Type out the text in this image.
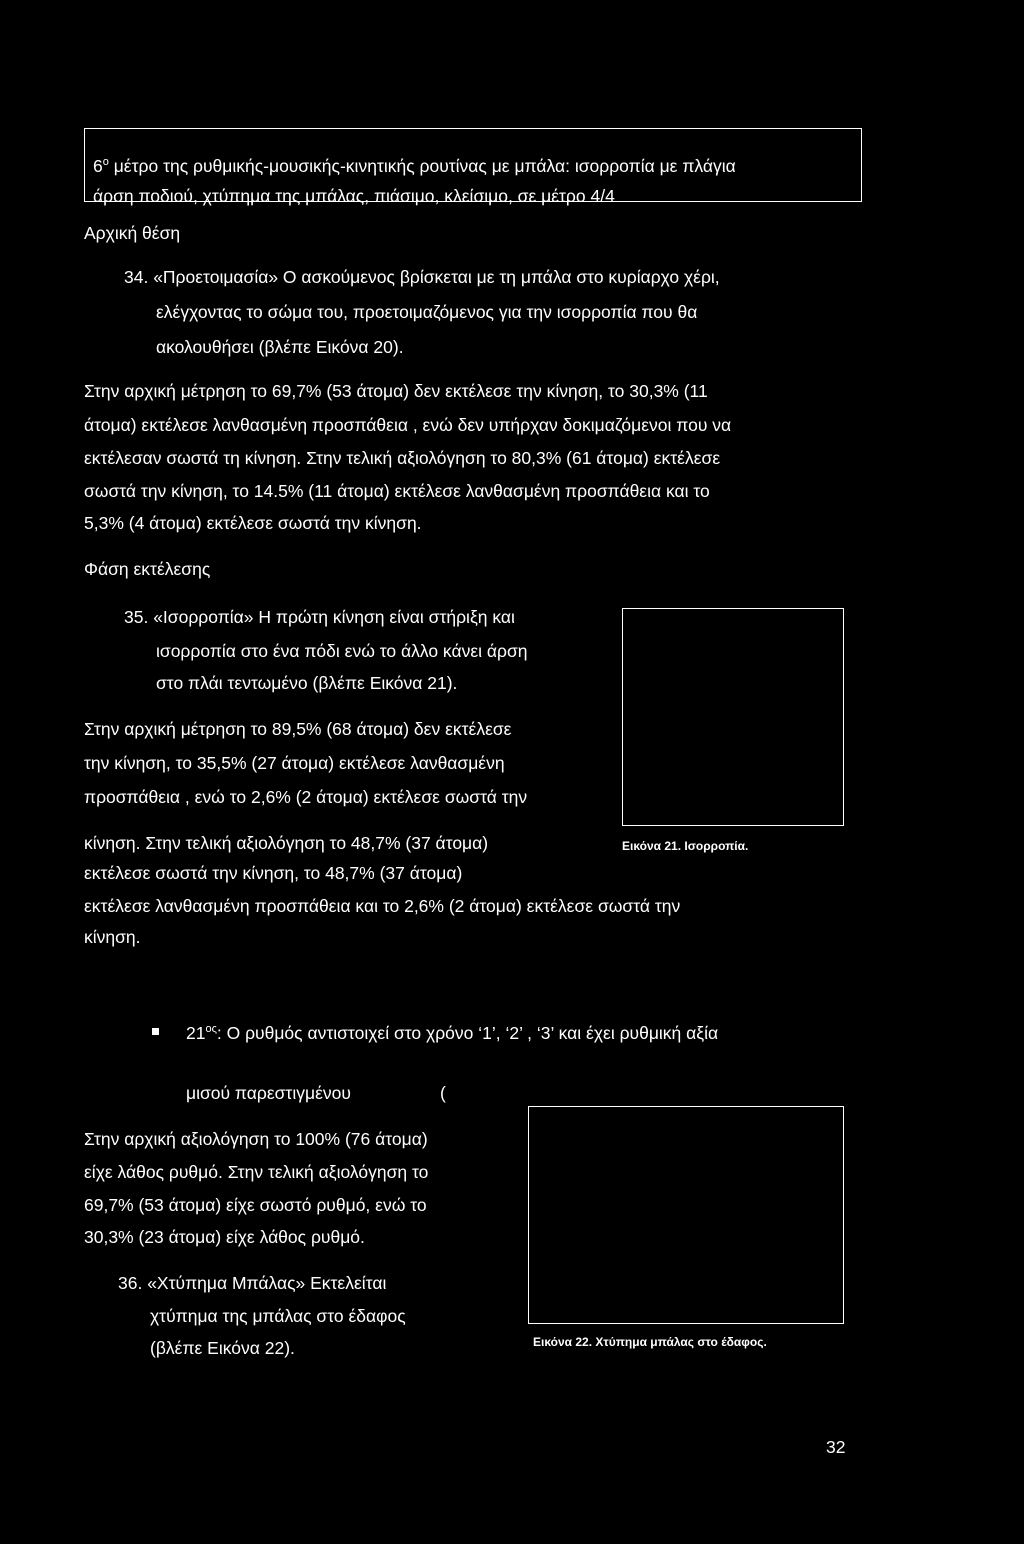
$6^o$ μέτρο της ρυθμικής-μουσικής-κινητικής ρουτίνας με μπάλα: ισορροπία με πλάγια

άρση ποδιού, χτύπημα της μπάλας, πιάσιμο, κλείσιμο, σε μέτρο 4/4

Αρχική θέση

34. «Προετοιμασία» Ο ασκούμενος βρίσκεται με τη μπάλα στο κυρίαρχο χέρι,

ελέγχοντας το σώμα του, προετοιμαζόμενος για την ισορροπία που θα

ακολουθήσει (βλέπε Εικόνα 20).

Στην αρχική μέτρηση το 69,7% (53 άτομα) δεν εκτέλεσε την κίνηση, το 30,3% (11

άτομα) εκτέλεσε λανθασμένη προσπάθεια , ενώ δεν υπήρχαν δοκιμαζόμενοι που να

εκτέλεσαν σωστά τη κίνηση. Στην τελική αξιολόγηση το 80,3% (61 άτομα) εκτέλεσε

σωστά την κίνηση, το 14.5% (11 άτομα) εκτέλεσε λανθασμένη προσπάθεια και το

5,3% (4 άτομα) εκτέλεσε σωστά την κίνηση.

Φάση εκτέλεσης

35. «Ισορροπία» Η πρώτη κίνηση είναι στήριξη και

ισορροπία στο ένα πόδι ενώ το άλλο κάνει άρση

στο πλάι τεντωμένο (βλέπε Εικόνα 21).

Εικόνα 21. Ισορροπία.

Στην αρχική μέτρηση το 89,5% (68 άτομα) δεν εκτέλεσε

την κίνηση, το 35,5% (27 άτομα) εκτέλεσε λανθασμένη

προσπάθεια , ενώ το 2,6% (2 άτομα) εκτέλεσε σωστά την

κίνηση. Στην τελική αξιολόγηση το 48,7% (37 άτομα)

εκτέλεσε σωστά την κίνηση, το 48,7% (37 άτομα)

εκτέλεσε λανθασμένη προσπάθεια και το 2,6% (2 άτομα) εκτέλεσε σωστά την

κίνηση.

$21^{o\varsigma}$: Ο ρυθμός αντιστοιχεί στο χρόνο ‘1’, ‘2’ , ‘3’ και έχει ρυθμική αξία

μισού παρεστιγμένου	(

Στην αρχική αξιολόγηση το 100% (76 άτομα)

είχε λάθος ρυθμό. Στην τελική αξιολόγηση το

69,7% (53 άτομα) είχε σωστό ρυθμό, ενώ το

30,3% (23 άτομα) είχε λάθος ρυθμό.

Εικόνα 22. Χτύπημα μπάλας στο έδαφος.

36. «Χτύπημα Μπάλας» Εκτελείται

χτύπημα της μπάλας στο έδαφος

(βλέπε Εικόνα 22).

32
